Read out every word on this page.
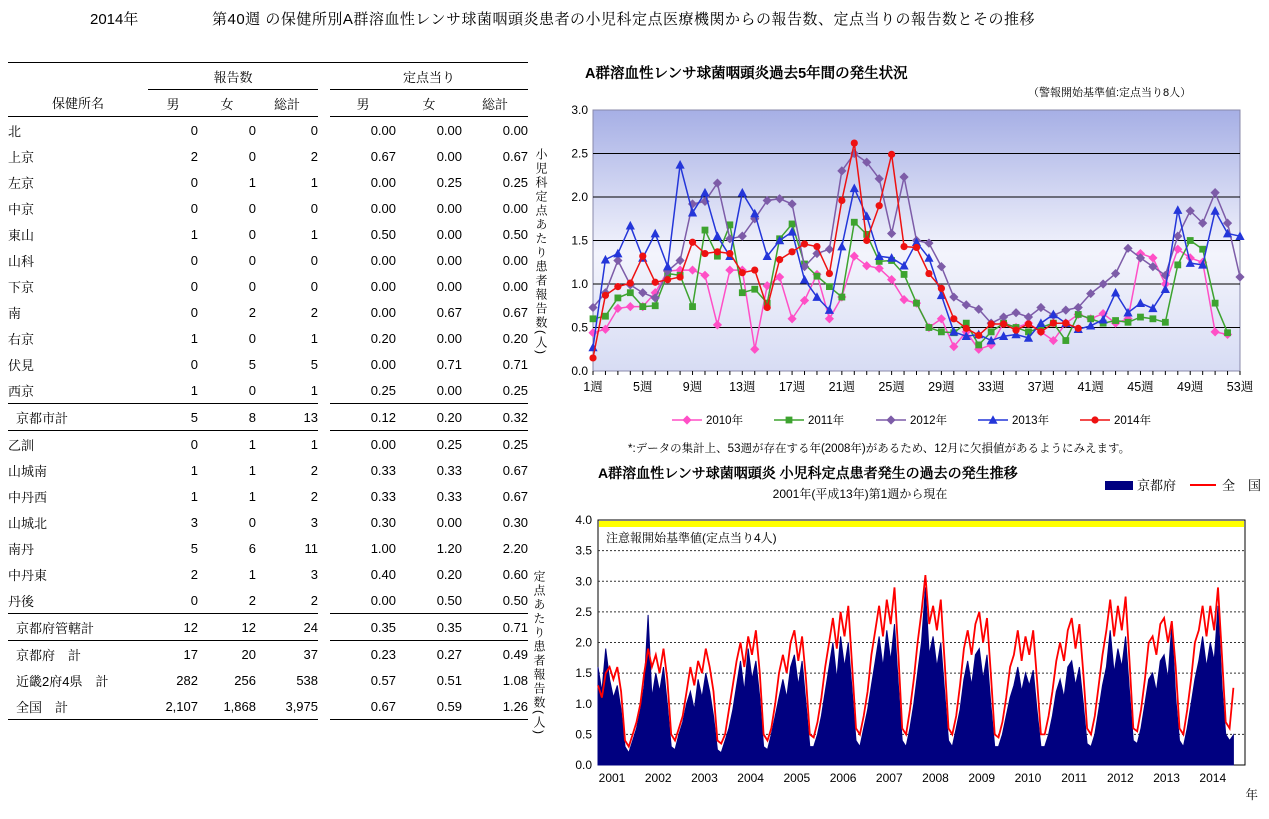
2014年	第40週 の保健所別A群溶血性レンサ球菌咽頭炎患者の小児科定点医療機関からの報告数、定点当りの報告数とその推移
	報告数				定点当り		
保健所名	男	女	総計		男	女	総計
北	0	0	0		0.00	0.00	0.00
上京	2	0	2		0.67	0.00	0.67
左京	0	1	1		0.00	0.25	0.25
中京	0	0	0		0.00	0.00	0.00
東山	1	0	1		0.50	0.00	0.50
山科	0	0	0		0.00	0.00	0.00
下京	0	0	0		0.00	0.00	0.00
南	0	2	2		0.00	0.67	0.67
右京	1	0	1		0.20	0.00	0.20
伏見	0	5	5		0.00	0.71	0.71
西京	1	0	1		0.25	0.00	0.25
京都市計	5	8	13		0.12	0.20	0.32
乙訓	0	1	1		0.00	0.25	0.25
山城南	1	1	2		0.33	0.33	0.67
中丹西	1	1	2		0.33	0.33	0.67
山城北	3	0	3		0.30	0.00	0.30
南丹	5	6	11		1.00	1.20	2.20
中丹東	2	1	3		0.40	0.20	0.60
丹後	0	2	2		0.00	0.50	0.50
京都府管轄計	12	12	24		0.35	0.35	0.71
京都府　計	17	20	37		0.23	0.27	0.49
近畿2府4県　計	282	256	538		0.57	0.51	1.08
全国　計	2,107	1,868	3,975		0.67	0.59	1.26
A群溶血性レンサ球菌咽頭炎過去5年間の発生状況
（警報開始基準値:定点当り8人）
3.0
2.5
2.0
1.5
1.0
0.5
0.0
1週 5週 9週 13週 17週 21週 25週 29週 33週 37週 41週 45週 49週 53週
2010年	2011年	2012年	2013年	2014年
*:データの集計上、53週が存在する年(2008年)があるため、12月に欠損値があるようにみえます。
小児科定点あたり患者報告数(人)
A群溶血性レンサ球菌咽頭炎 小児科定点患者発生の過去の発生推移
2001年(平成13年)第1週から現在
京都府	全　国
注意報開始基準値(定点当り4人)
4.0
3.5
3.0
2.5
2.0
1.5
1.0
0.5
0.0
2001 2002 2003 2004 2005 2006 2007 2008 2009 2010 2011 2012 2013 2014
年
定点あたり患者報告数(人)
